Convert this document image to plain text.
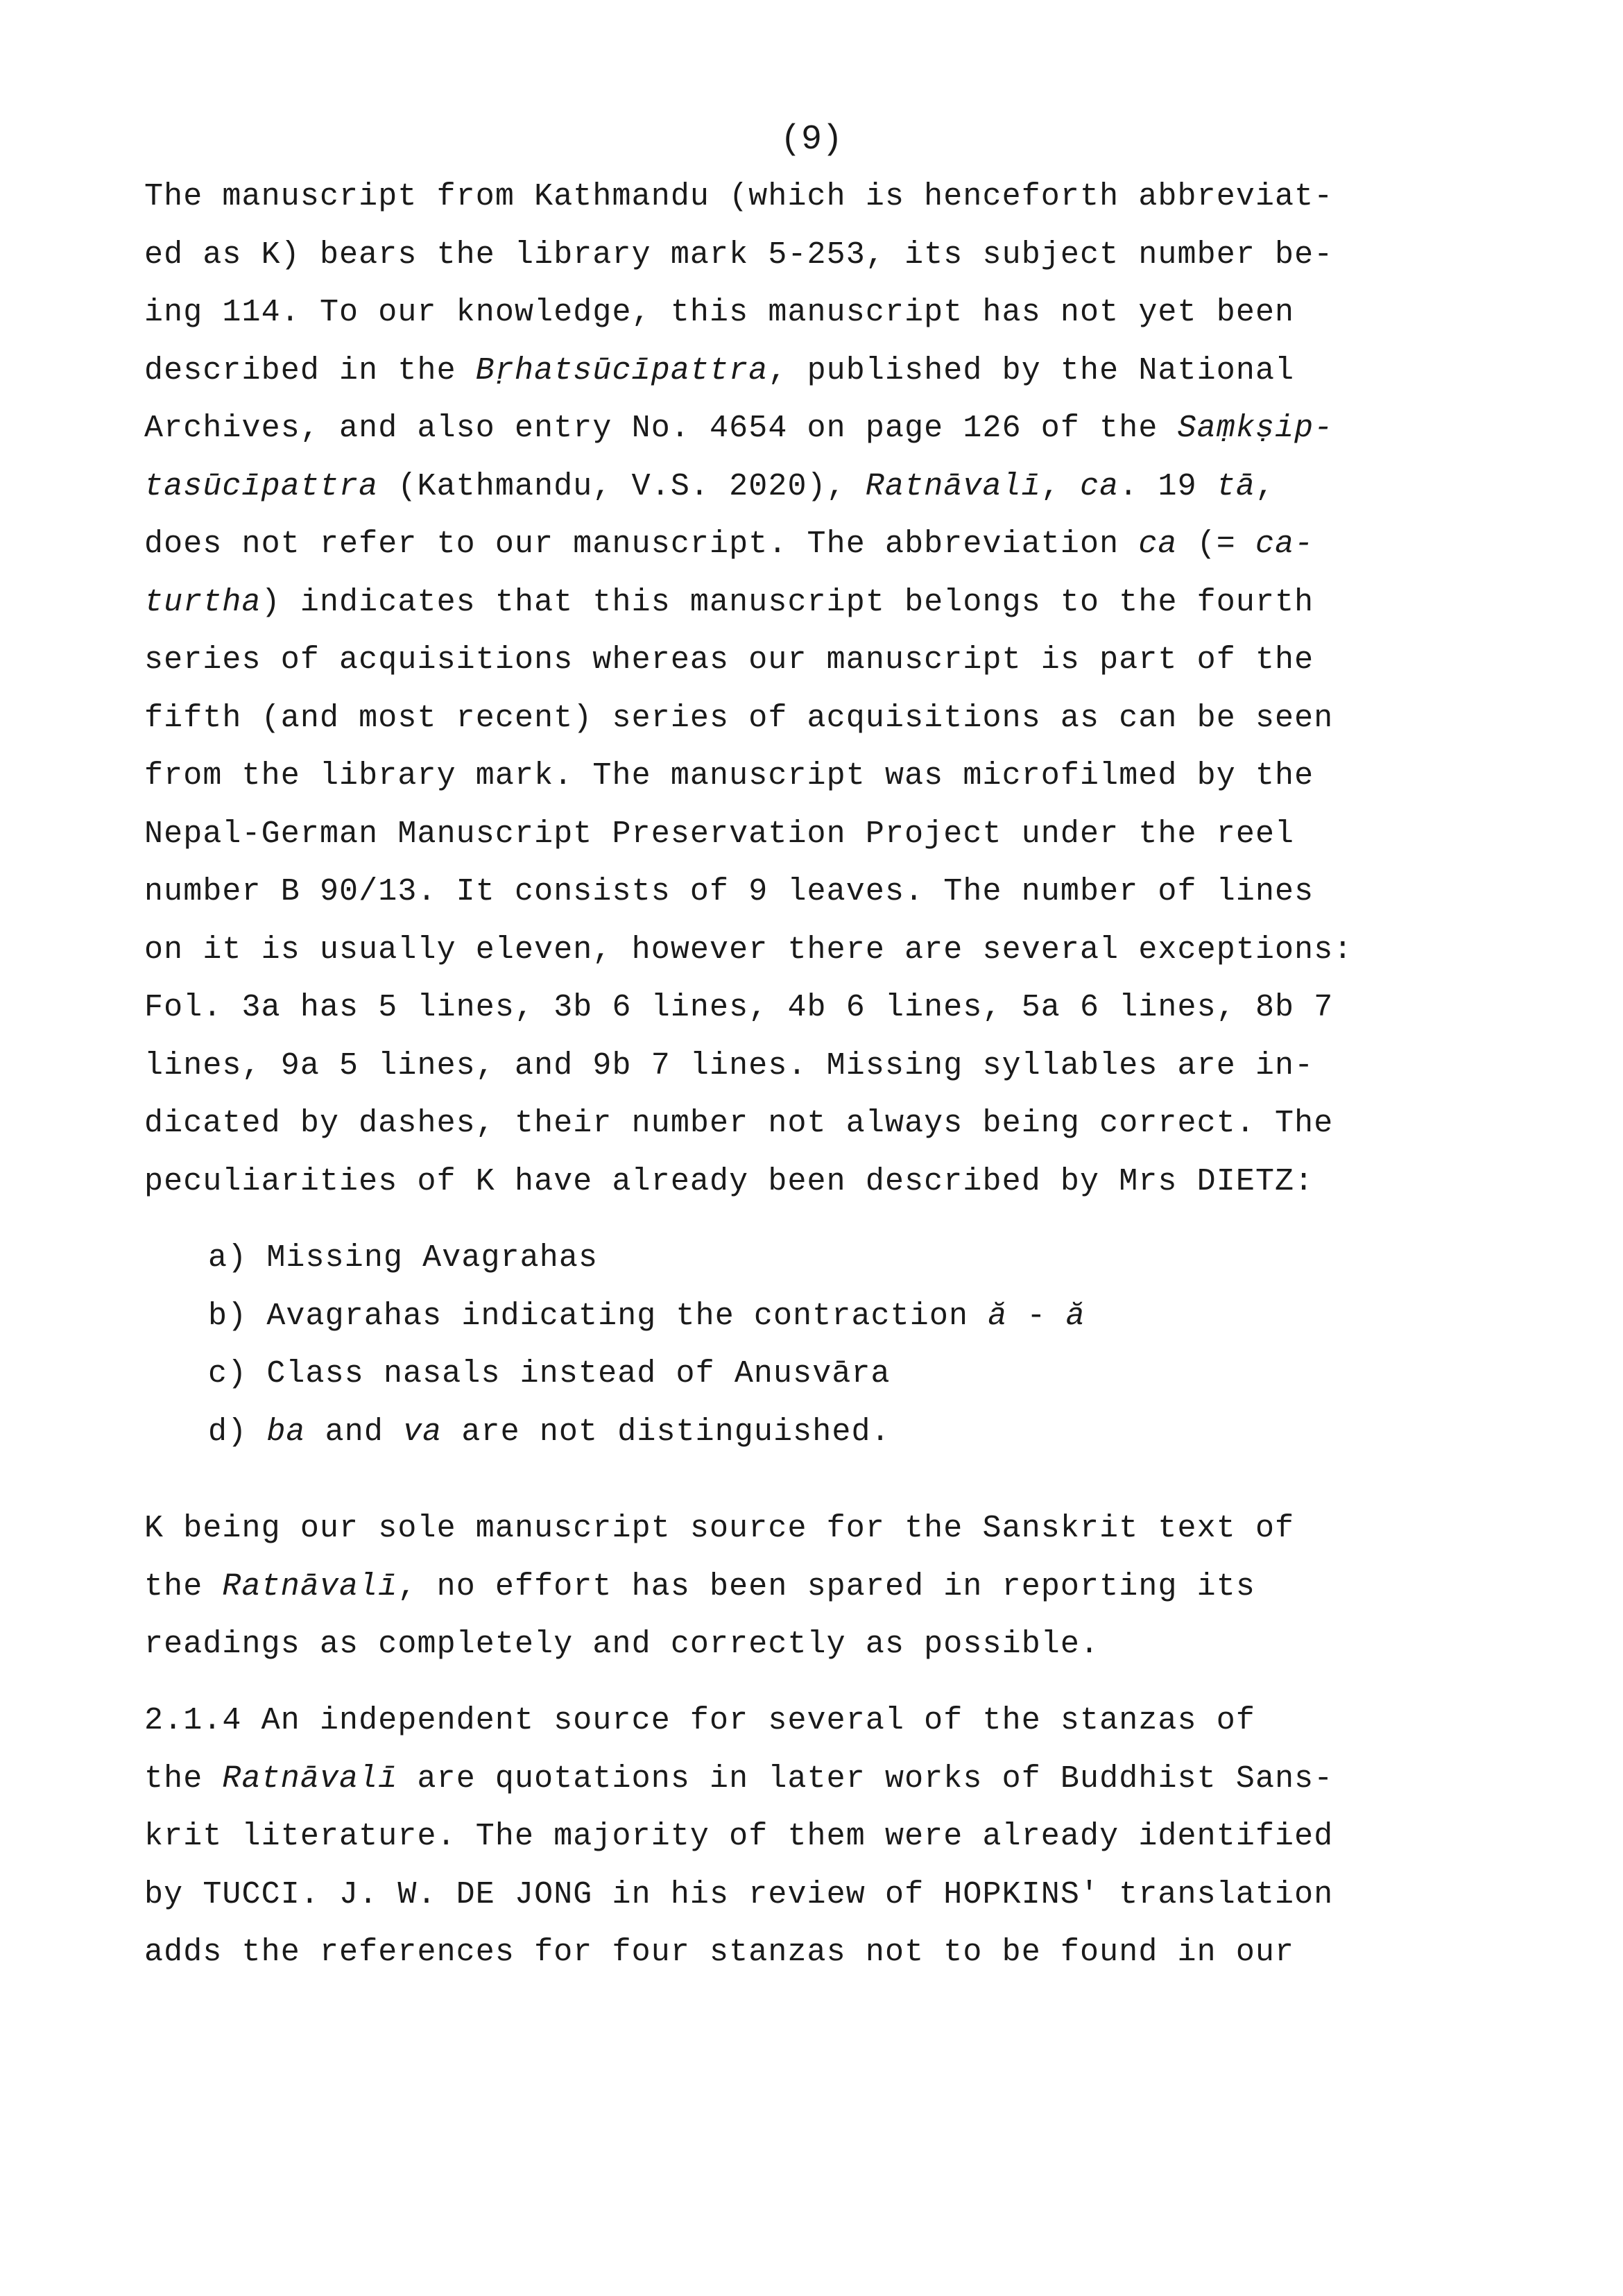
(9)
The manuscript from Kathmandu (which is henceforth abbreviat-
ed as K) bears the library mark 5-253, its subject number be-
ing 114. To our knowledge, this manuscript has not yet been
described in the Bṛhatsūcīpattra, published by the National
Archives, and also entry No. 4654 on page 126 of the Saṃkṣip-
tasūcīpattra (Kathmandu, V.S. 2020), Ratnāvalī, ca. 19 tā,
does not refer to our manuscript. The abbreviation ca (= ca-
turtha) indicates that this manuscript belongs to the fourth
series of acquisitions whereas our manuscript is part of the
fifth (and most recent) series of acquisitions as can be seen
from the library mark. The manuscript was microfilmed by the
Nepal-German Manuscript Preservation Project under the reel
number B 90/13. It consists of 9 leaves. The number of lines
on it is usually eleven, however there are several exceptions:
Fol. 3a has 5 lines, 3b 6 lines, 4b 6 lines, 5a 6 lines, 8b 7
lines, 9a 5 lines, and 9b 7 lines. Missing syllables are in-
dicated by dashes, their number not always being correct. The
peculiarities of K have already been described by Mrs DIETZ:
a) Missing Avagrahas
b) Avagrahas indicating the contraction ă - ă
c) Class nasals instead of Anusvāra
d) ba and va are not distinguished.
K being our sole manuscript source for the Sanskrit text of
the Ratnāvalī, no effort has been spared in reporting its
readings as completely and correctly as possible.
2.1.4 An independent source for several of the stanzas of
the Ratnāvalī are quotations in later works of Buddhist Sans-
krit literature. The majority of them were already identified
by TUCCI. J. W. DE JONG in his review of HOPKINS' translation
adds the references for four stanzas not to be found in our
